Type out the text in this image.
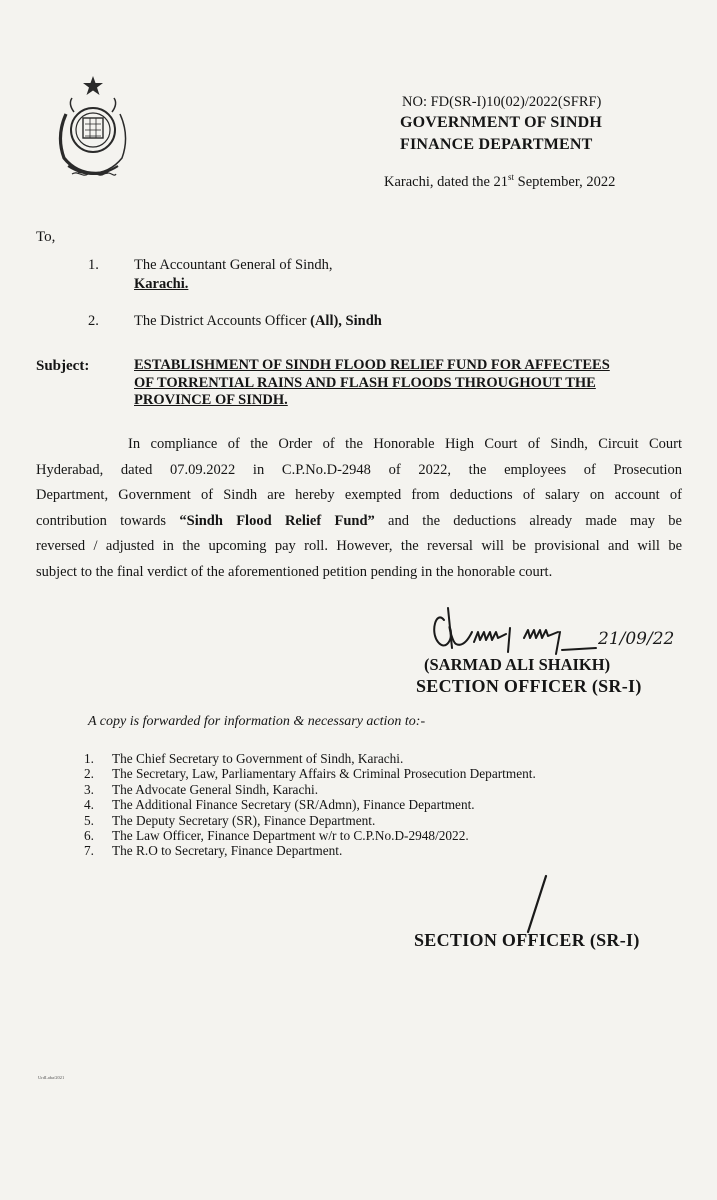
NO: FD(SR-I)10(02)/2022(SFRF)
GOVERNMENT OF SINDH
FINANCE DEPARTMENT
Karachi, dated the 21st September, 2022
To,
1. The Accountant General of Sindh,
Karachi.
2. The District Accounts Officer (All), Sindh
Subject:	ESTABLISHMENT OF SINDH FLOOD RELIEF FUND FOR AFFECTEES
OF TORRENTIAL RAINS AND FLASH FLOODS THROUGHOUT THE
PROVINCE OF SINDH.
In compliance of the Order of the Honorable High Court of Sindh, Circuit Court
Hyderabad, dated 07.09.2022 in C.P.No.D-2948 of 2022, the employees of Prosecution
Department, Government of Sindh are hereby exempted from deductions of salary on account of
contribution towards “Sindh Flood Relief Fund” and the deductions already made may be
reversed / adjusted in the upcoming pay roll. However, the reversal will be provisional and will be
subject to the final verdict of the aforementioned petition pending in the honorable court.
21/09/22
(SARMAD ALI SHAIKH)
SECTION OFFICER (SR-I)
A copy is forwarded for information & necessary action to:-
1. The Chief Secretary to Government of Sindh, Karachi.
2. The Secretary, Law, Parliamentary Affairs & Criminal Prosecution Department.
3. The Advocate General Sindh, Karachi.
4. The Additional Finance Secretary (SR/Admn), Finance Department.
5. The Deputy Secretary (SR), Finance Department.
6. The Law Officer, Finance Department w/r to C.P.No.D-2948/2022.
7. The R.O to Secretary, Finance Department.
SECTION OFFICER (SR-I)
UrdLaba/2021
